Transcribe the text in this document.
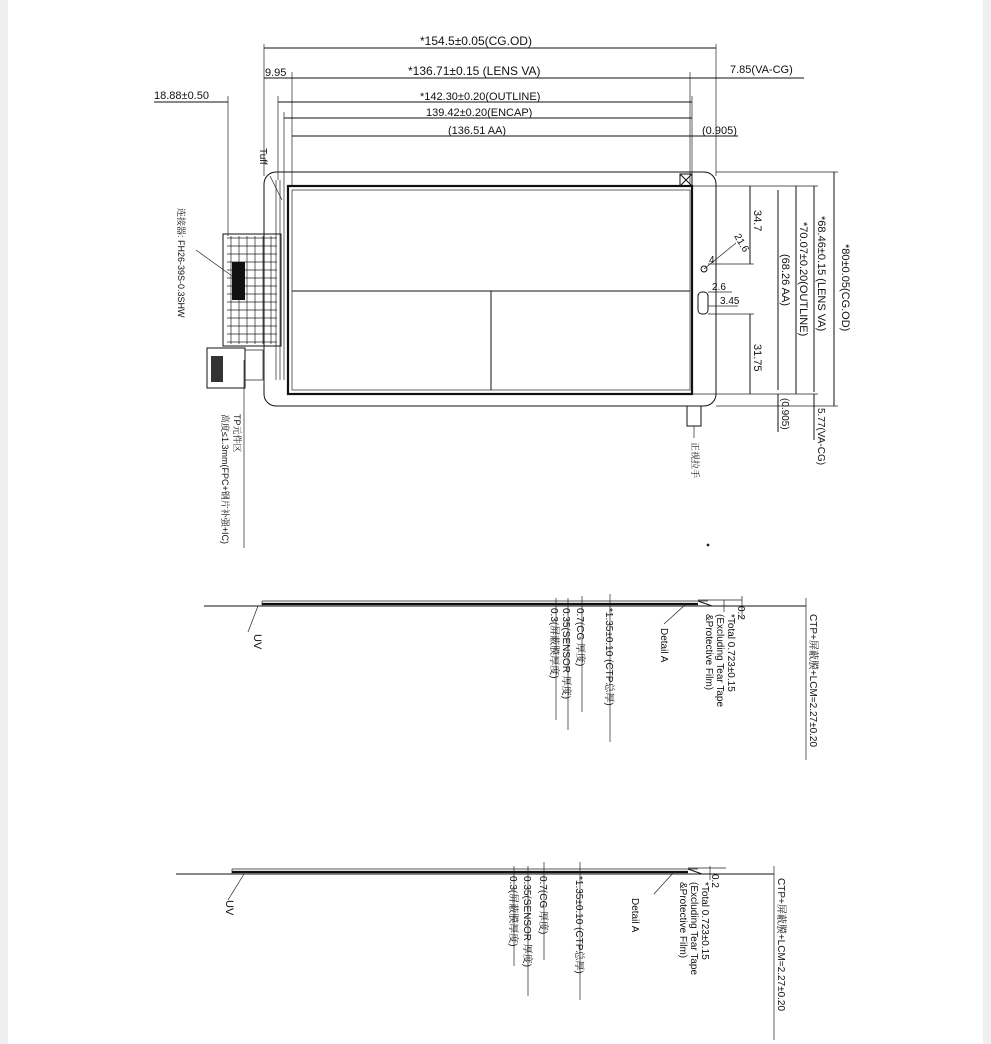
*154.5±0.05(CG.OD)
9.95	*136.71±0.15 (LENS VA)	7.85(VA-CG)
18.88±0.50	*142.30±0.20(OUTLINE)
139.42±0.20(ENCAP)
(136.51 AA)	(0.905)
*80±0.05(CG.OD)
*68.46±0.15 (LENS VA)
*70.07±0.20(OUTLINE)
(68.26 AA)
34.7
21.6
4
2.6
3.45
31.75
(0.905)	5.77(VA-CG)
Tuff
连接器: FH26-39S-0.3SHW
TP元件区
高度≤1.3mm(FPC+钢片补强+IC)	正视拉手
UV	0.3(屏蔽膜厚度) 0.35(SENSOR 厚度) 0.7(CG 厚度) *1.35±0.10 (CTP总厚)	Detail A
0.2
*Total 0.723±0.15
(Excluding Tear Tape
&Protective Film)	CTP+屏蔽膜+LCM=2.27±0.20
UV	0.3(屏蔽膜厚度) 0.35(SENSOR 厚度) 0.7(CG 厚度)	*1.35±0.10 (CTP总厚)	Detail A
0.2
*Total 0.723±0.15
(Excluding Tear Tape
&Protective Film)	CTP+屏蔽膜+LCM=2.27±0.20
